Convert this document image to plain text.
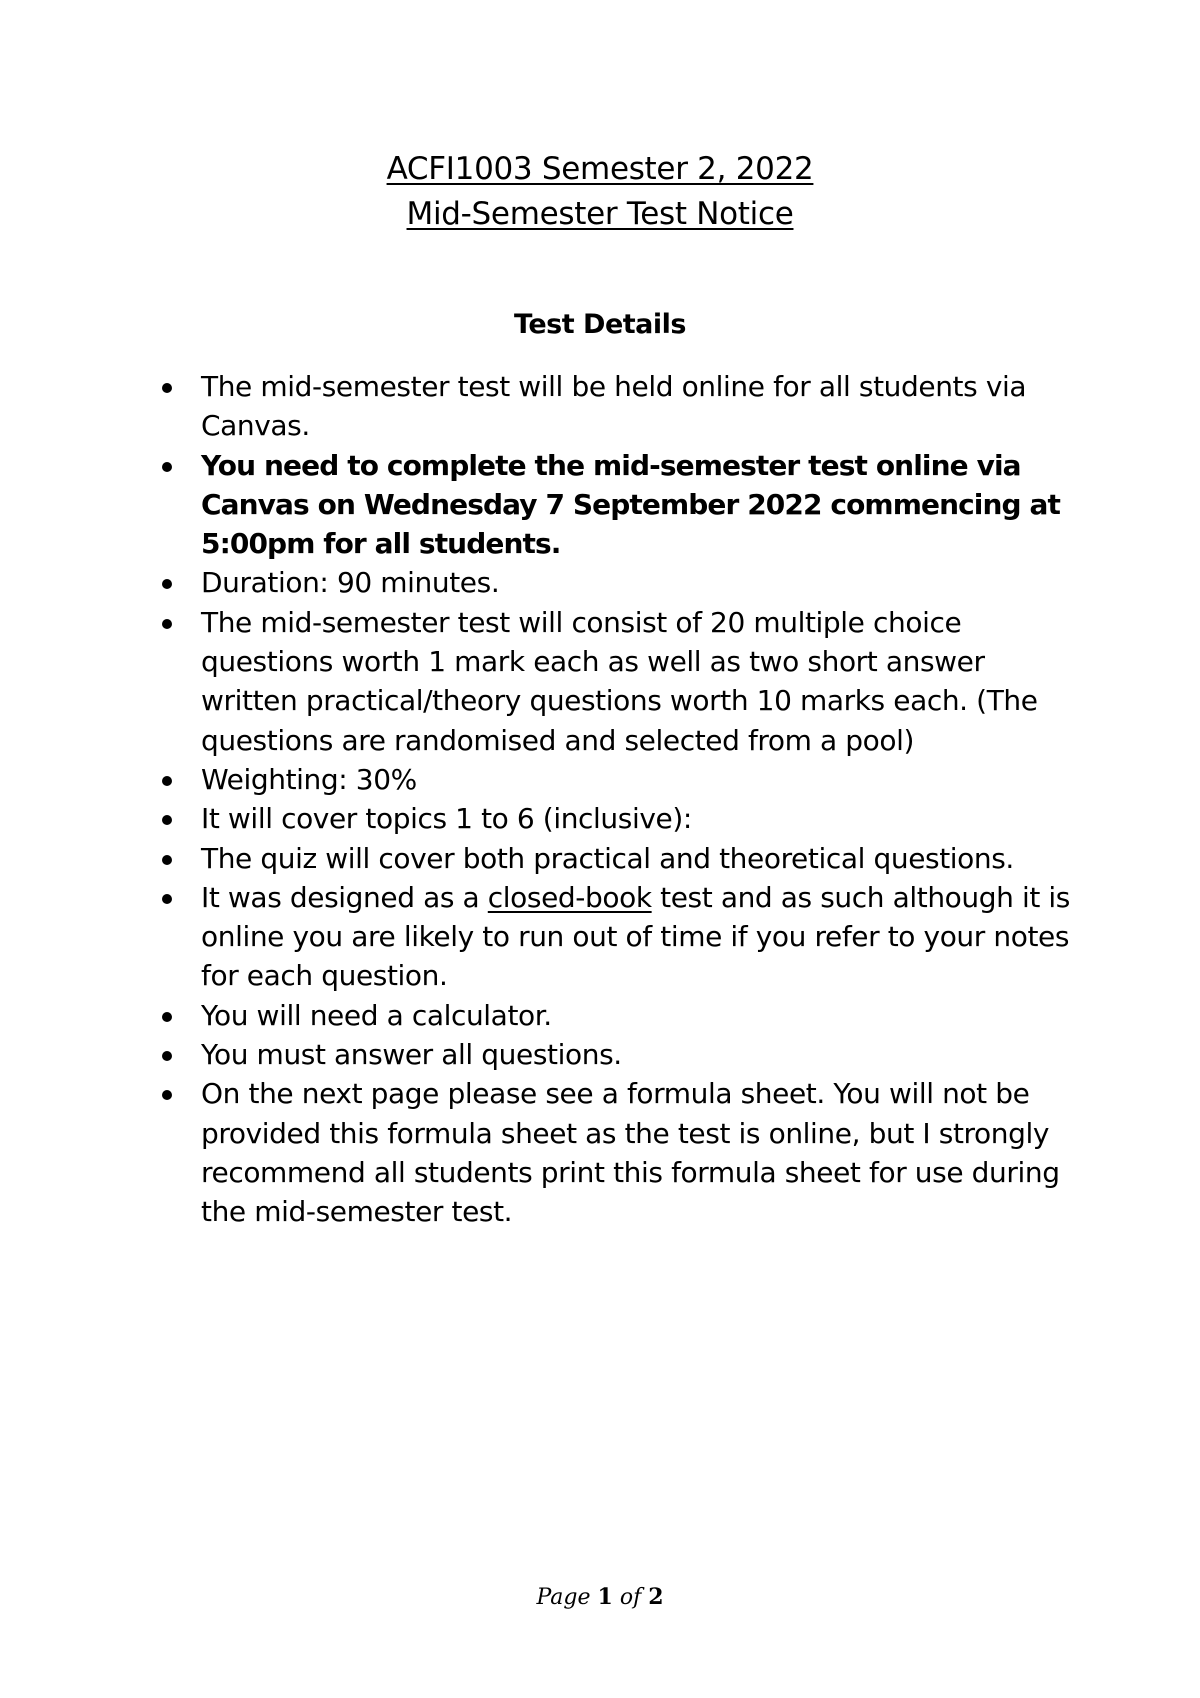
ACFI1003 Semester 2, 2022
Mid-Semester Test Notice
Test Details
The mid-semester test will be held online for all students via Canvas.
You need to complete the mid-semester test online via Canvas on Wednesday 7 September 2022 commencing at 5:00pm for all students.
Duration: 90 minutes.
The mid-semester test will consist of 20 multiple choice questions worth 1 mark each as well as two short answer written practical/theory questions worth 10 marks each. (The questions are randomised and selected from a pool)
Weighting: 30%
It will cover topics 1 to 6 (inclusive):
The quiz will cover both practical and theoretical questions.
It was designed as a closed-book test and as such although it is online you are likely to run out of time if you refer to your notes for each question.
You will need a calculator.
You must answer all questions.
On the next page please see a formula sheet. You will not be provided this formula sheet as the test is online, but I strongly recommend all students print this formula sheet for use during the mid-semester test.
Page 1 of 2
